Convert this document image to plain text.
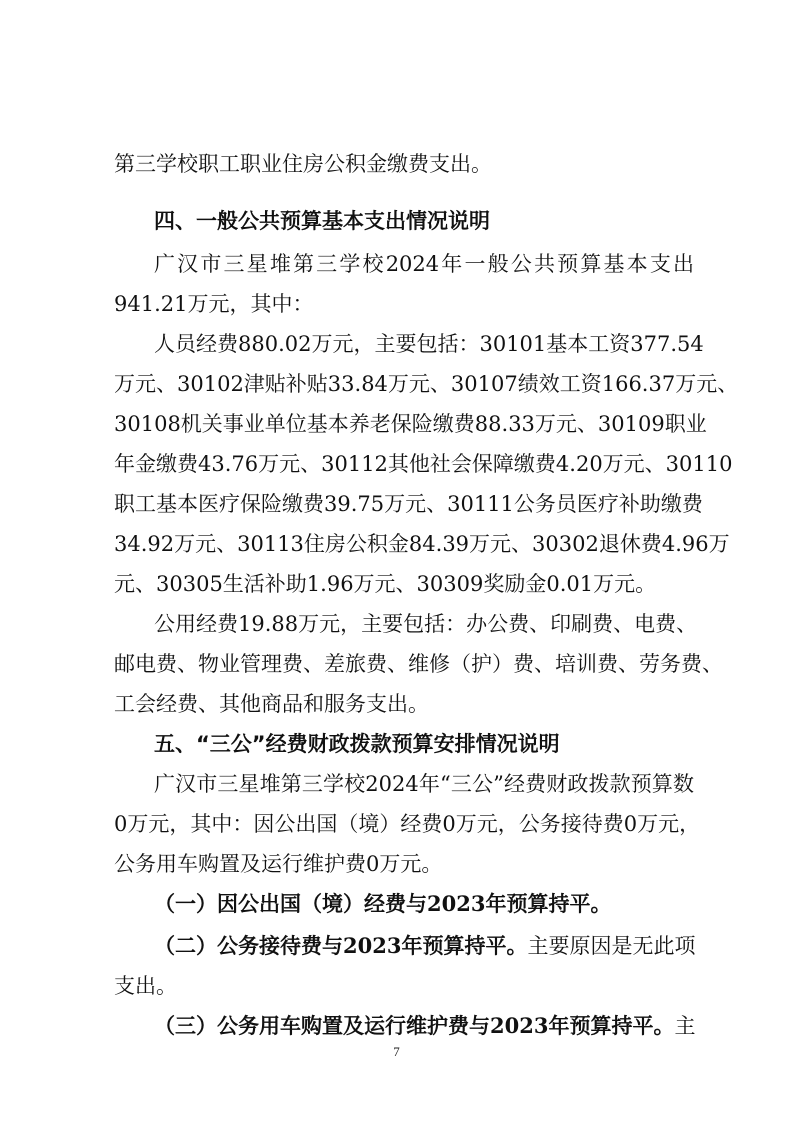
第三学校职工职业住房公积金缴费支出。
四、一般公共预算基本支出情况说明
广汉市三星堆第三学校2024年一般公共预算基本支出
941.21万元，其中：
人员经费880.02万元，主要包括：30101基本工资377.54
万元、30102津贴补贴33.84万元、30107绩效工资166.37万元、
30108机关事业单位基本养老保险缴费88.33万元、30109职业
年金缴费43.76万元、30112其他社会保障缴费4.20万元、30110
职工基本医疗保险缴费39.75万元、30111公务员医疗补助缴费
34.92万元、30113住房公积金84.39万元、30302退休费4.96万
元、30305生活补助1.96万元、30309奖励金0.01万元。
公用经费19.88万元，主要包括：办公费、印刷费、电费、
邮电费、物业管理费、差旅费、维修（护）费、培训费、劳务费、
工会经费、其他商品和服务支出。
五、“三公”经费财政拨款预算安排情况说明
广汉市三星堆第三学校2024年“三公”经费财政拨款预算数
0万元，其中：因公出国（境）经费0万元，公务接待费0万元，
公务用车购置及运行维护费0万元。
（一）因公出国（境）经费与2023年预算持平。
（二）公务接待费与2023年预算持平。主要原因是无此项
支出。
（三）公务用车购置及运行维护费与2023年预算持平。主
7
